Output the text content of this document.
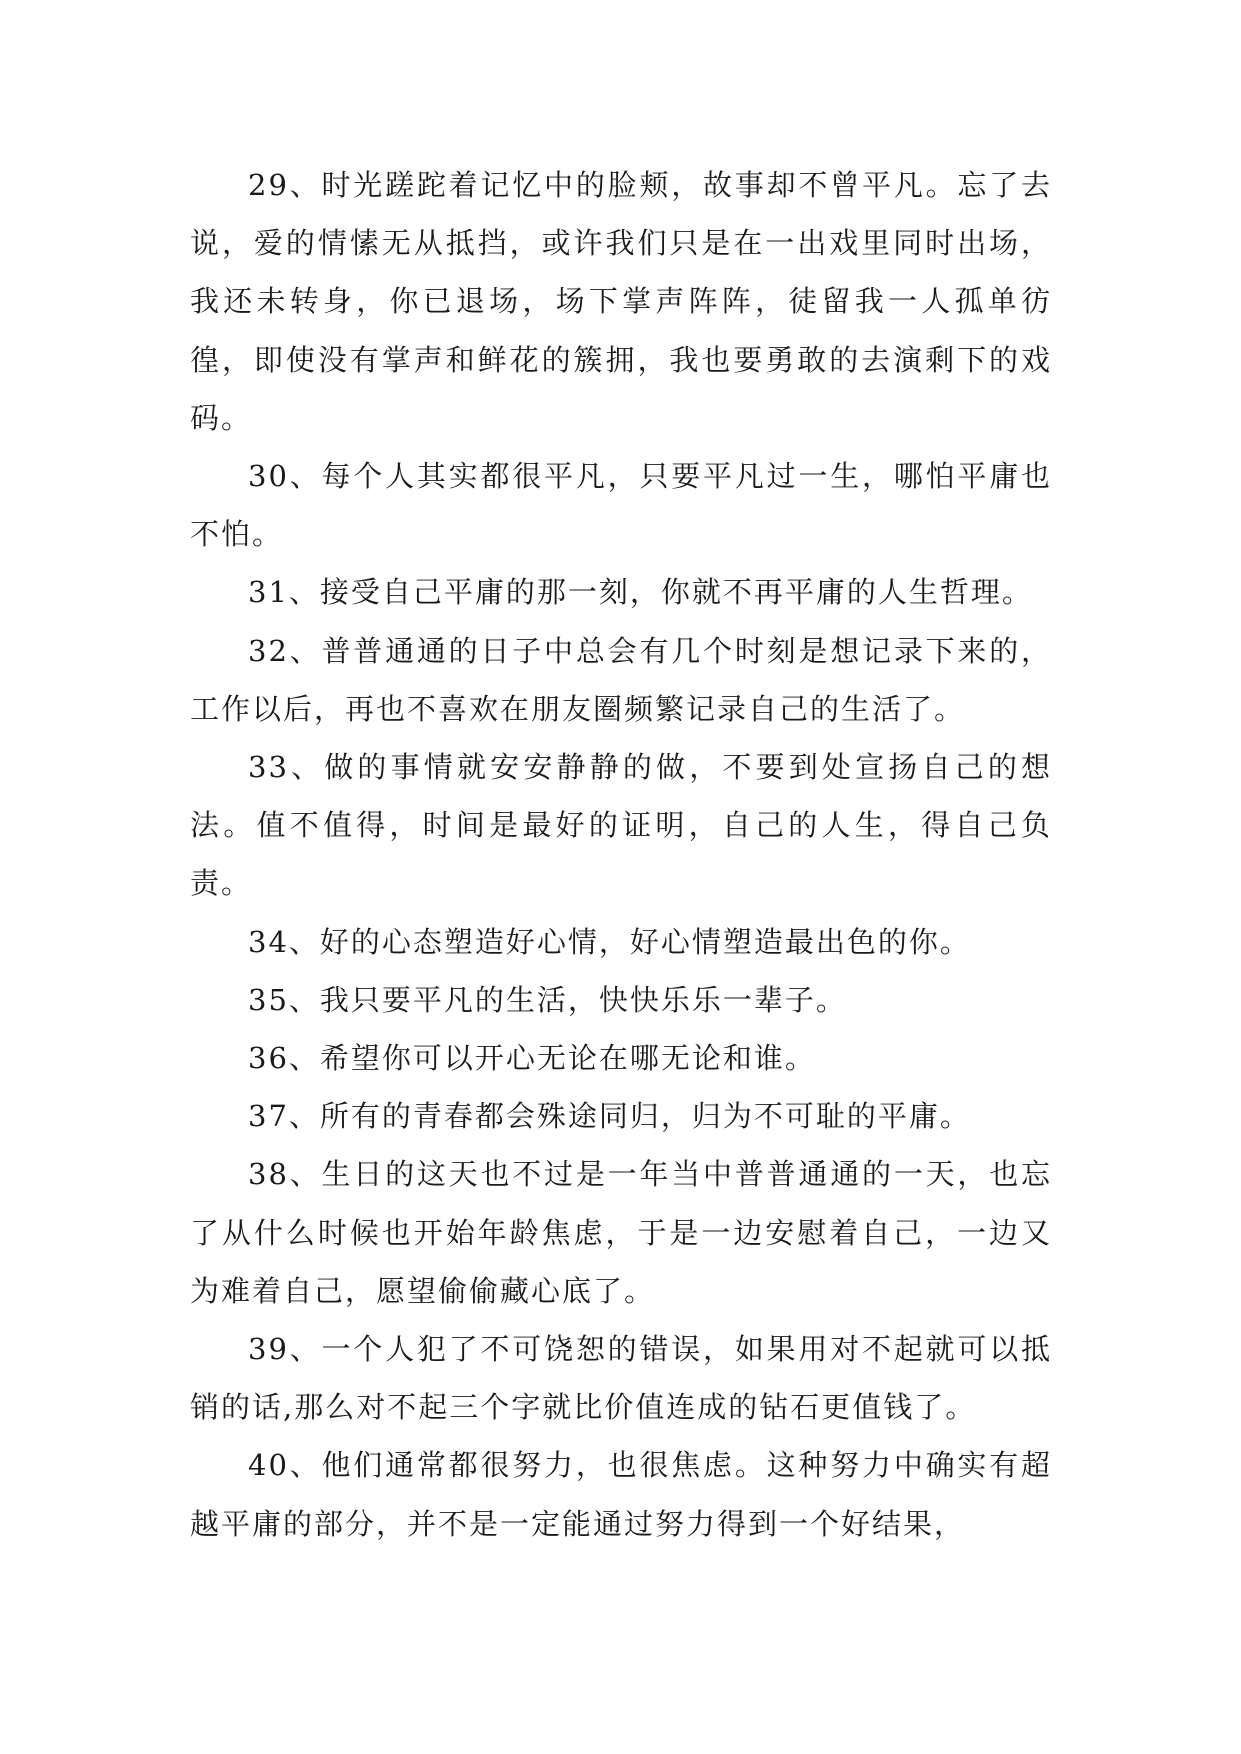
29、时光蹉跎着记忆中的脸颊，故事却不曾平凡。忘了去说，爱的情愫无从抵挡，或许我们只是在一出戏里同时出场，我还未转身，你已退场，场下掌声阵阵，徒留我一人孤单彷徨，即使没有掌声和鲜花的簇拥，我也要勇敢的去演剩下的戏码。

30、每个人其实都很平凡，只要平凡过一生，哪怕平庸也不怕。

31、接受自己平庸的那一刻，你就不再平庸的人生哲理。

32、普普通通的日子中总会有几个时刻是想记录下来的，工作以后，再也不喜欢在朋友圈频繁记录自己的生活了。

33、做的事情就安安静静的做，不要到处宣扬自己的想法。值不值得，时间是最好的证明，自己的人生，得自己负责。

34、好的心态塑造好心情，好心情塑造最出色的你。

35、我只要平凡的生活，快快乐乐一辈子。

36、希望你可以开心无论在哪无论和谁。

37、所有的青春都会殊途同归，归为不可耻的平庸。

38、生日的这天也不过是一年当中普普通通的一天，也忘了从什么时候也开始年龄焦虑，于是一边安慰着自己，一边又为难着自己，愿望偷偷藏心底了。

39、一个人犯了不可饶恕的错误，如果用对不起就可以抵销的话,那么对不起三个字就比价值连成的钻石更值钱了。

40、他们通常都很努力，也很焦虑。这种努力中确实有超越平庸的部分，并不是一定能通过努力得到一个好结果，
